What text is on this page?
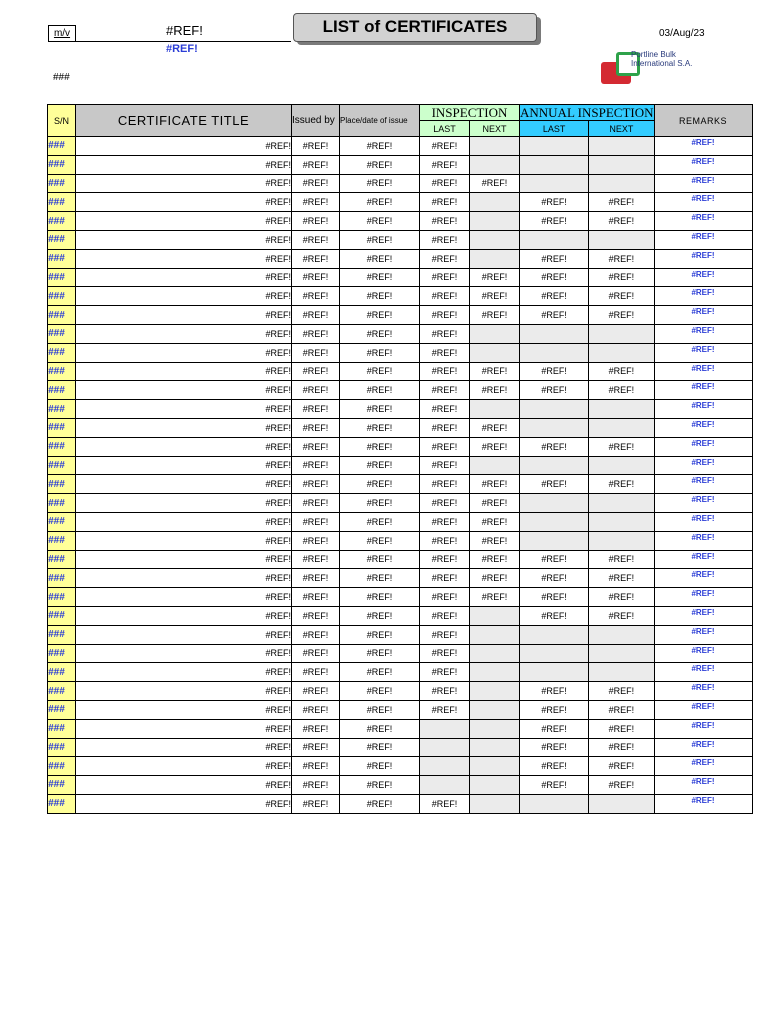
m/v	#REF!
#REF!
###
LIST of CERTIFICATES	03/Aug/23
Portline Bulk
International S.A.
S/N	CERTIFICATE TITLE	Issued by	Place/date of issue	INSPECTION		ANNUAL INSPECTION		REMARKS
				LAST	NEXT	LAST	NEXT	
###	#REF!	#REF!	#REF!	#REF!				#REF!
###	#REF!	#REF!	#REF!	#REF!				#REF!
###	#REF!	#REF!	#REF!	#REF!	#REF!			#REF!
###	#REF!	#REF!	#REF!	#REF!		#REF!	#REF!	#REF!
###	#REF!	#REF!	#REF!	#REF!		#REF!	#REF!	#REF!
###	#REF!	#REF!	#REF!	#REF!				#REF!
###	#REF!	#REF!	#REF!	#REF!		#REF!	#REF!	#REF!
###	#REF!	#REF!	#REF!	#REF!	#REF!	#REF!	#REF!	#REF!
###	#REF!	#REF!	#REF!	#REF!	#REF!	#REF!	#REF!	#REF!
###	#REF!	#REF!	#REF!	#REF!	#REF!	#REF!	#REF!	#REF!
###	#REF!	#REF!	#REF!	#REF!				#REF!
###	#REF!	#REF!	#REF!	#REF!				#REF!
###	#REF!	#REF!	#REF!	#REF!	#REF!	#REF!	#REF!	#REF!
###	#REF!	#REF!	#REF!	#REF!	#REF!	#REF!	#REF!	#REF!
###	#REF!	#REF!	#REF!	#REF!				#REF!
###	#REF!	#REF!	#REF!	#REF!	#REF!			#REF!
###	#REF!	#REF!	#REF!	#REF!	#REF!	#REF!	#REF!	#REF!
###	#REF!	#REF!	#REF!	#REF!				#REF!
###	#REF!	#REF!	#REF!	#REF!	#REF!	#REF!	#REF!	#REF!
###	#REF!	#REF!	#REF!	#REF!	#REF!			#REF!
###	#REF!	#REF!	#REF!	#REF!	#REF!			#REF!
###	#REF!	#REF!	#REF!	#REF!	#REF!			#REF!
###	#REF!	#REF!	#REF!	#REF!	#REF!	#REF!	#REF!	#REF!
###	#REF!	#REF!	#REF!	#REF!	#REF!	#REF!	#REF!	#REF!
###	#REF!	#REF!	#REF!	#REF!	#REF!	#REF!	#REF!	#REF!
###	#REF!	#REF!	#REF!	#REF!		#REF!	#REF!	#REF!
###	#REF!	#REF!	#REF!	#REF!				#REF!
###	#REF!	#REF!	#REF!	#REF!				#REF!
###	#REF!	#REF!	#REF!	#REF!				#REF!
###	#REF!	#REF!	#REF!	#REF!		#REF!	#REF!	#REF!
###	#REF!	#REF!	#REF!	#REF!		#REF!	#REF!	#REF!
###	#REF!	#REF!	#REF!			#REF!	#REF!	#REF!
###	#REF!	#REF!	#REF!			#REF!	#REF!	#REF!
###	#REF!	#REF!	#REF!			#REF!	#REF!	#REF!
###	#REF!	#REF!	#REF!			#REF!	#REF!	#REF!
###	#REF!	#REF!	#REF!	#REF!				#REF!
